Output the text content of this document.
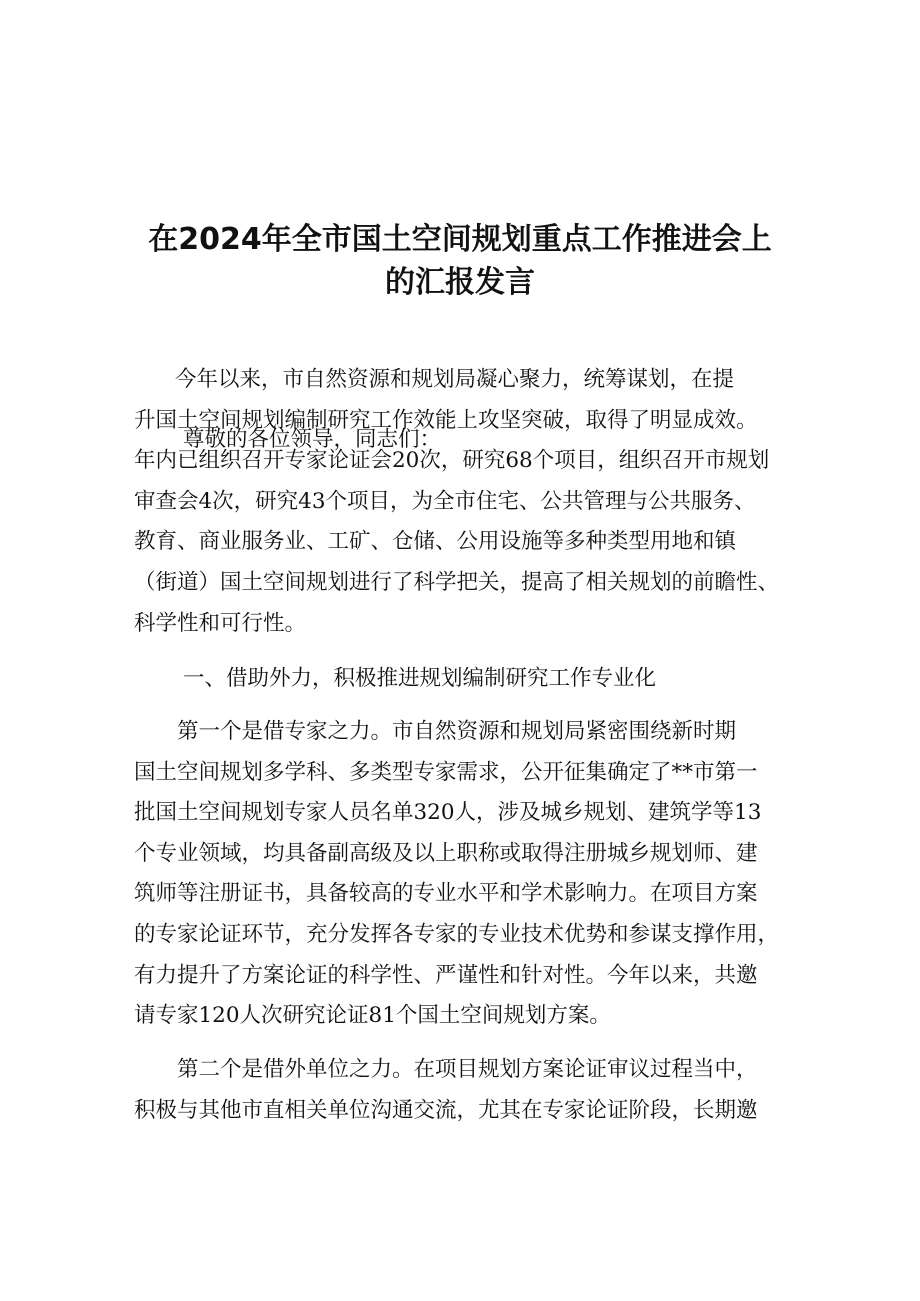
在2024年全市国土空间规划重点工作推进会上
的汇报发言
尊敬的各位领导，同志们：
　　今年以来，市自然资源和规划局凝心聚力，统筹谋划，在提
升国土空间规划编制研究工作效能上攻坚突破，取得了明显成效。
年内已组织召开专家论证会20次，研究68个项目，组织召开市规划
审查会4次，研究43个项目，为全市住宅、公共管理与公共服务、
教育、商业服务业、工矿、仓储、公用设施等多种类型用地和镇
（街道）国土空间规划进行了科学把关，提高了相关规划的前瞻性、
科学性和可行性。
一、借助外力，积极推进规划编制研究工作专业化
　　第一个是借专家之力。市自然资源和规划局紧密围绕新时期
国土空间规划多学科、多类型专家需求，公开征集确定了**市第一
批国土空间规划专家人员名单320人，涉及城乡规划、建筑学等13
个专业领域，均具备副高级及以上职称或取得注册城乡规划师、建
筑师等注册证书，具备较高的专业水平和学术影响力。在项目方案
的专家论证环节，充分发挥各专家的专业技术优势和参谋支撑作用，
有力提升了方案论证的科学性、严谨性和针对性。今年以来，共邀
请专家120人次研究论证81个国土空间规划方案。
　　第二个是借外单位之力。在项目规划方案论证审议过程当中，
积极与其他市直相关单位沟通交流，尤其在专家论证阶段，长期邀
